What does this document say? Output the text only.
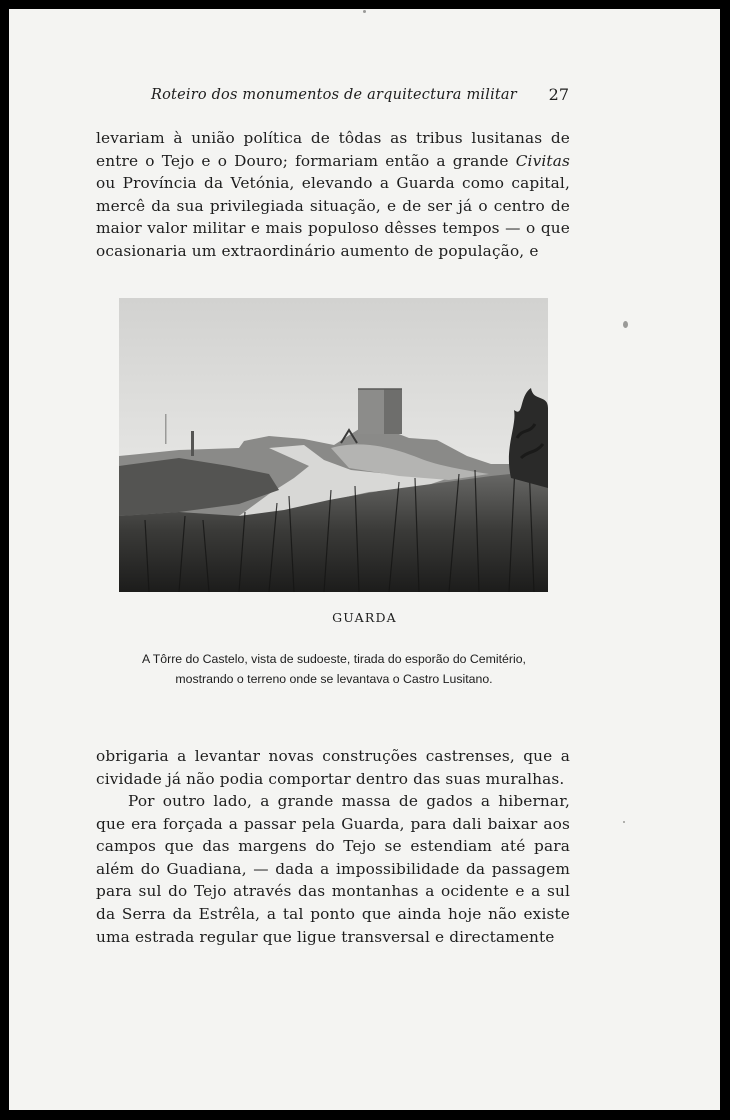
Roteiro dos monumentos de arquitectura militar 27

levariam à união política de tôdas as tribus lusitanas de entre o Tejo e o Douro; formariam então a grande Civitas ou Província da Vetónia, elevando a Guarda como capital, mercê da sua privilegiada situação, e de ser já o centro de maior valor militar e mais populoso dêsses tempos — o que ocasionaria um extraordinário aumento de população, e

GUARDA

A Tôrre do Castelo, vista de sudoeste, tirada do esporão do Cemitério, mostrando o terreno onde se levantava o Castro Lusitano.

obrigaria a levantar novas construções castrenses, que a cividade já não podia comportar dentro das suas muralhas.

Por outro lado, a grande massa de gados a hibernar, que era forçada a passar pela Guarda, para dali baixar aos campos que das margens do Tejo se estendiam até para além do Guadiana, — dada a impossibilidade da passagem para sul do Tejo através das montanhas a ocidente e a sul da Serra da Estrêla, a tal ponto que ainda hoje não existe uma estrada regular que ligue transversal e directamente
